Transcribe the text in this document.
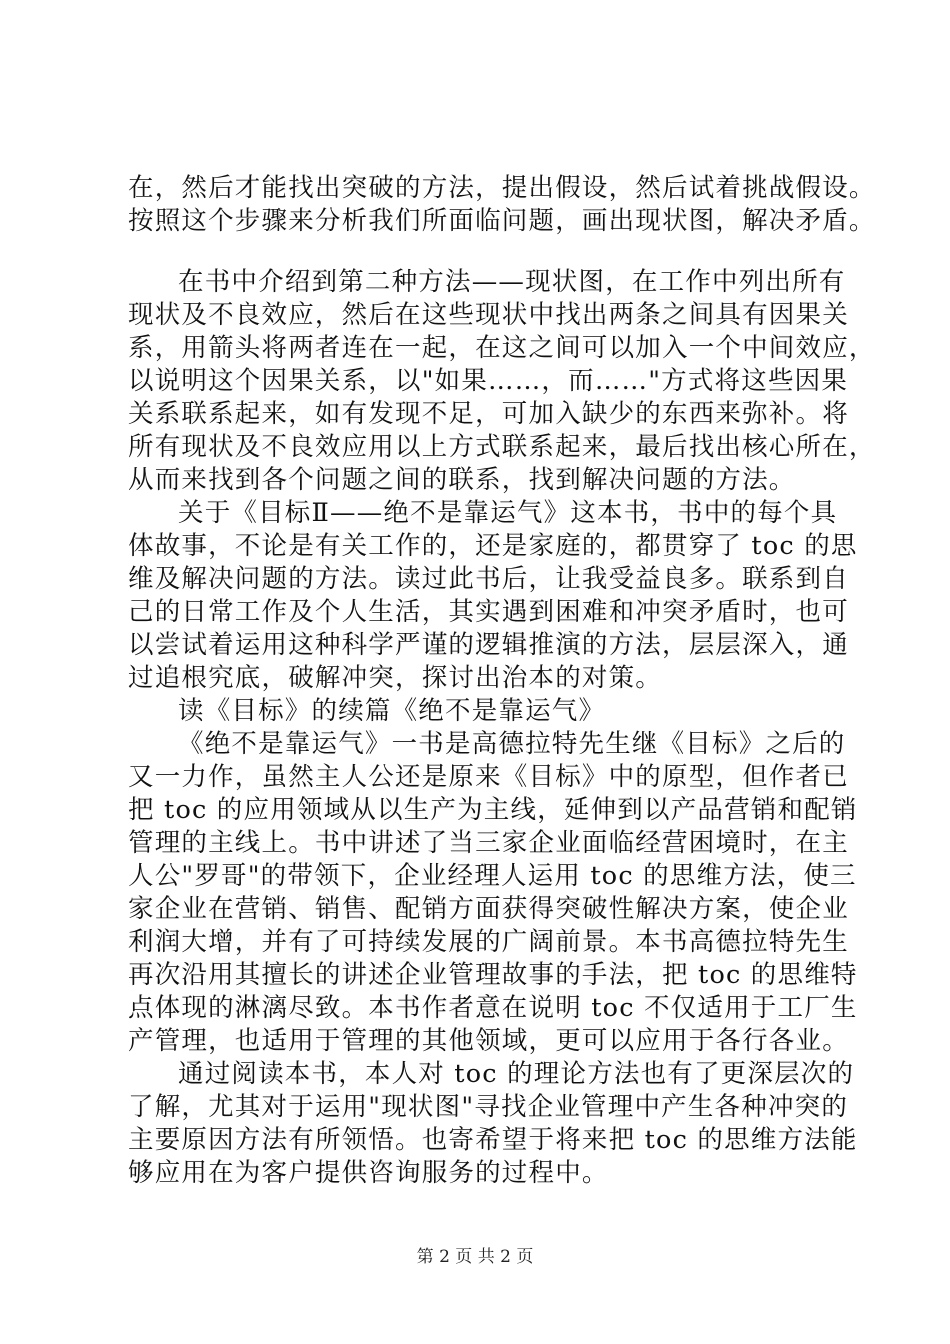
在，然后才能找出突破的方法，提出假设，然后试着挑战假设。
按照这个步骤来分析我们所面临问题，画出现状图，解决矛盾。
在书中介绍到第二种方法——现状图，在工作中列出所有
现状及不良效应，然后在这些现状中找出两条之间具有因果关
系，用箭头将两者连在一起，在这之间可以加入一个中间效应，
以说明这个因果关系，以"如果……，而……"方式将这些因果
关系联系起来，如有发现不足，可加入缺少的东西来弥补。将
所有现状及不良效应用以上方式联系起来，最后找出核心所在，
从而来找到各个问题之间的联系，找到解决问题的方法。
关于《目标Ⅱ——绝不是靠运气》这本书，书中的每个具
体故事，不论是有关工作的，还是家庭的，都贯穿了 toc 的思
维及解决问题的方法。读过此书后，让我受益良多。联系到自
己的日常工作及个人生活，其实遇到困难和冲突矛盾时，也可
以尝试着运用这种科学严谨的逻辑推演的方法，层层深入，通
过追根究底，破解冲突，探讨出治本的对策。
读《目标》的续篇《绝不是靠运气》
《绝不是靠运气》一书是高德拉特先生继《目标》之后的
又一力作，虽然主人公还是原来《目标》中的原型，但作者已
把 toc 的应用领域从以生产为主线，延伸到以产品营销和配销
管理的主线上。书中讲述了当三家企业面临经营困境时，在主
人公"罗哥"的带领下，企业经理人运用 toc 的思维方法，使三
家企业在营销、销售、配销方面获得突破性解决方案，使企业
利润大增，并有了可持续发展的广阔前景。本书高德拉特先生
再次沿用其擅长的讲述企业管理故事的手法，把 toc 的思维特
点体现的淋漓尽致。本书作者意在说明 toc 不仅适用于工厂生
产管理，也适用于管理的其他领域，更可以应用于各行各业。
通过阅读本书，本人对 toc 的理论方法也有了更深层次的
了解，尤其对于运用"现状图"寻找企业管理中产生各种冲突的
主要原因方法有所领悟。也寄希望于将来把 toc 的思维方法能
够应用在为客户提供咨询服务的过程中。
第 2 页 共 2 页
